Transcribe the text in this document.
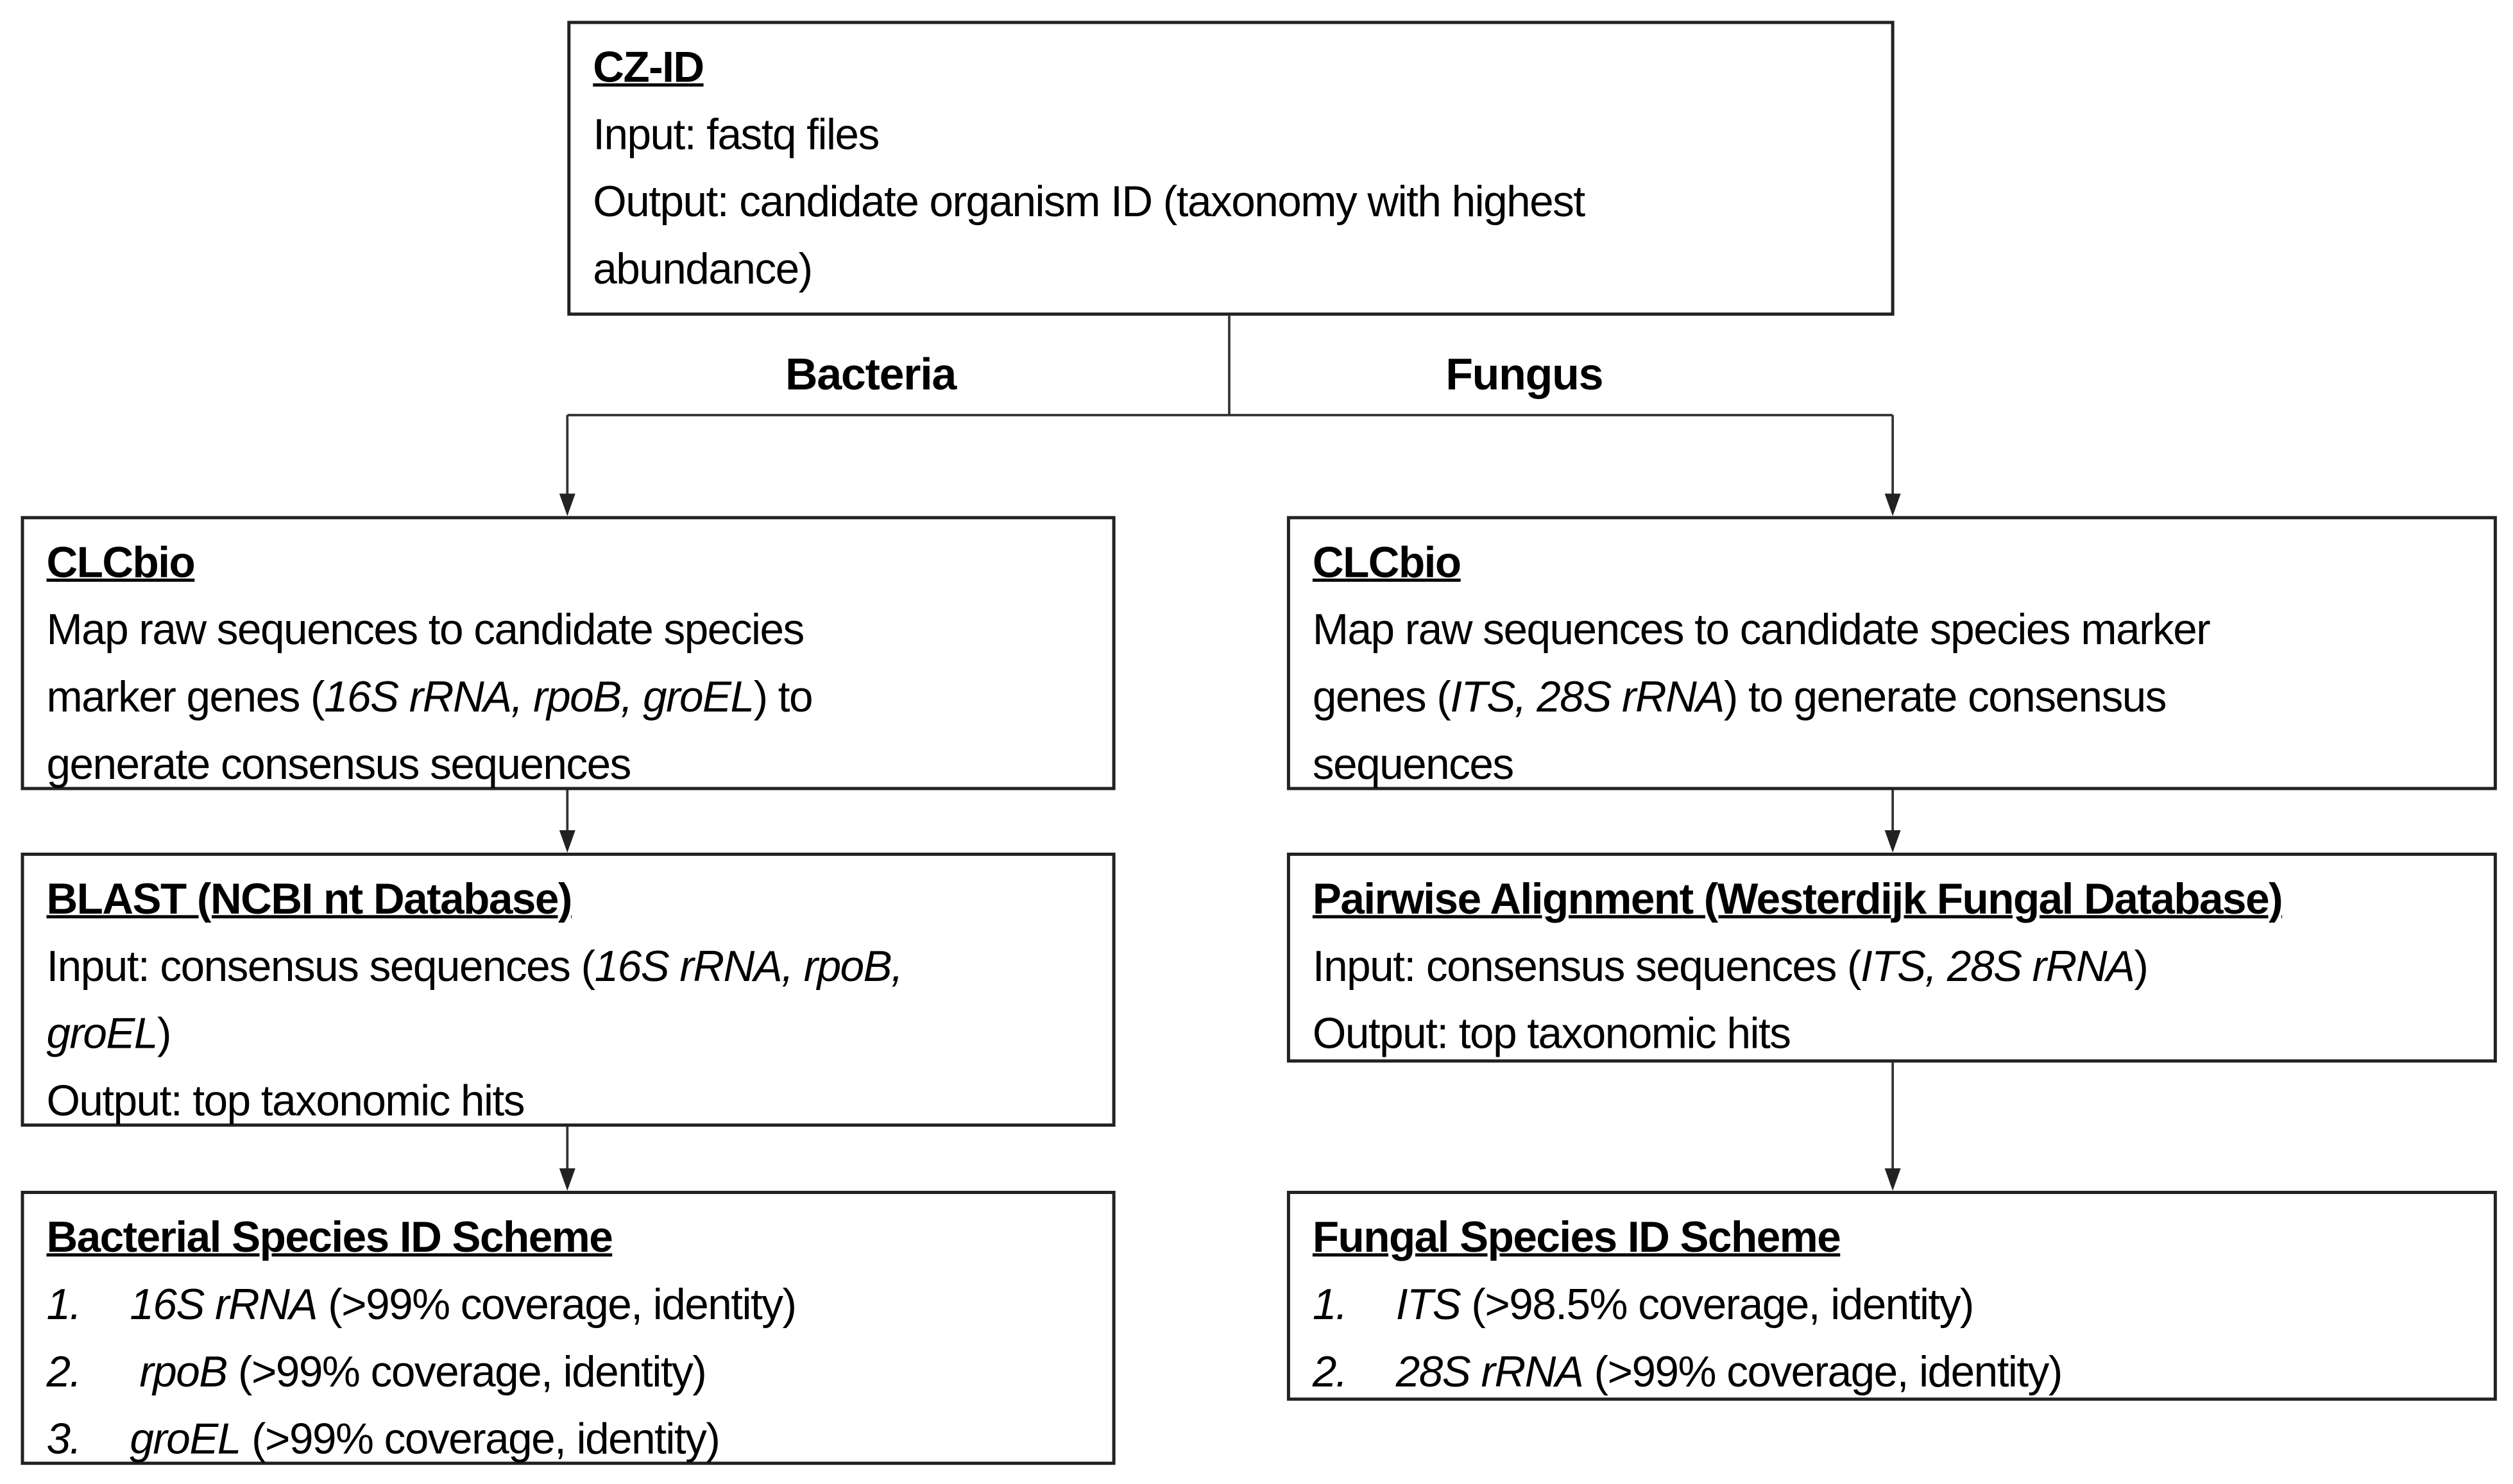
CZ-ID
Input: fastq files
Output: candidate organism ID (taxonomy with highest
abundance)
Bacteria	Fungus
CLCbio
Map raw sequences to candidate species
marker genes (16S rRNA, rpoB, groEL) to
generate consensus sequences
BLAST (NCBI nt Database)
Input: consensus sequences (16S rRNA, rpoB,
groEL)
Output: top taxonomic hits
Bacterial Species ID Scheme
1.	16S rRNA (>99% coverage, identity)
2.	rpoB (>99% coverage, identity)
3.	groEL (>99% coverage, identity)
CLCbio
Map raw sequences to candidate species marker
genes (ITS, 28S rRNA) to generate consensus
sequences
Pairwise Alignment (Westerdijk Fungal Database)
Input: consensus sequences (ITS, 28S rRNA)
Output: top taxonomic hits
Fungal Species ID Scheme
1.	ITS (>98.5% coverage, identity)
2.	28S rRNA (>99% coverage, identity)
